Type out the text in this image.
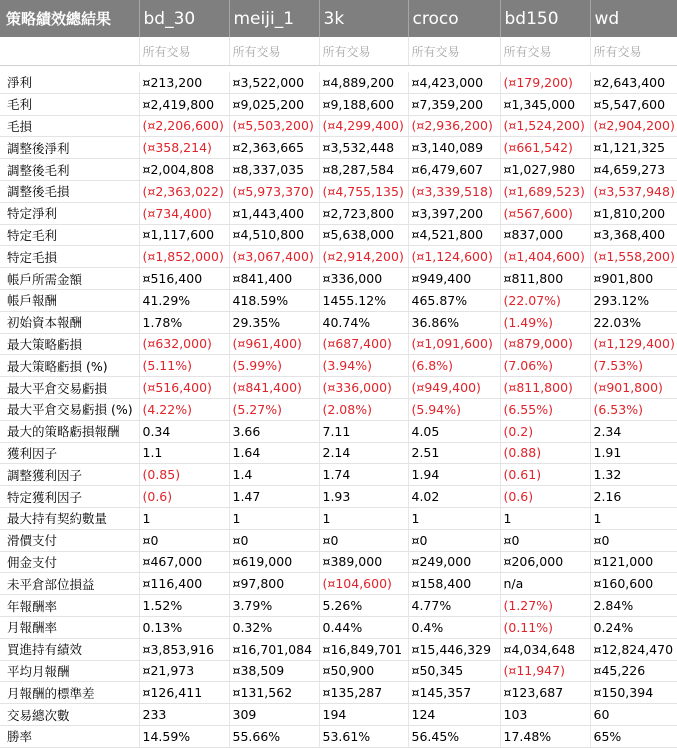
策略績效總結果	bd_30	meiji_1	3k	croco	bd150	wd
	所有交易	所有交易	所有交易	所有交易	所有交易	所有交易

淨利	¤213,200	¤3,522,000	¤4,889,200	¤4,423,000	(¤179,200)	¤2,643,400
毛利	¤2,419,800	¤9,025,200	¤9,188,600	¤7,359,200	¤1,345,000	¤5,547,600
毛損	(¤2,206,600)	(¤5,503,200)	(¤4,299,400)	(¤2,936,200)	(¤1,524,200)	(¤2,904,200)
調整後淨利	(¤358,214)	¤2,363,665	¤3,532,448	¤3,140,089	(¤661,542)	¤1,121,325
調整後毛利	¤2,004,808	¤8,337,035	¤8,287,584	¤6,479,607	¤1,027,980	¤4,659,273
調整後毛損	(¤2,363,022)	(¤5,973,370)	(¤4,755,135)	(¤3,339,518)	(¤1,689,523)	(¤3,537,948)
特定淨利	(¤734,400)	¤1,443,400	¤2,723,800	¤3,397,200	(¤567,600)	¤1,810,200
特定毛利	¤1,117,600	¤4,510,800	¤5,638,000	¤4,521,800	¤837,000	¤3,368,400
特定毛損	(¤1,852,000)	(¤3,067,400)	(¤2,914,200)	(¤1,124,600)	(¤1,404,600)	(¤1,558,200)
帳戶所需金額	¤516,400	¤841,400	¤336,000	¤949,400	¤811,800	¤901,800
帳戶報酬	41.29%	418.59%	1455.12%	465.87%	(22.07%)	293.12%
初始資本報酬	1.78%	29.35%	40.74%	36.86%	(1.49%)	22.03%
最大策略虧損	(¤632,000)	(¤961,400)	(¤687,400)	(¤1,091,600)	(¤879,000)	(¤1,129,400)
最大策略虧損 (%)	(5.11%)	(5.99%)	(3.94%)	(6.8%)	(7.06%)	(7.53%)
最大平倉交易虧損	(¤516,400)	(¤841,400)	(¤336,000)	(¤949,400)	(¤811,800)	(¤901,800)
最大平倉交易虧損 (%)	(4.22%)	(5.27%)	(2.08%)	(5.94%)	(6.55%)	(6.53%)
最大的策略虧損報酬	0.34	3.66	7.11	4.05	(0.2)	2.34
獲利因子	1.1	1.64	2.14	2.51	(0.88)	1.91
調整獲利因子	(0.85)	1.4	1.74	1.94	(0.61)	1.32
特定獲利因子	(0.6)	1.47	1.93	4.02	(0.6)	2.16
最大持有契約數量	1	1	1	1	1	1
滑價支付	¤0	¤0	¤0	¤0	¤0	¤0
佣金支付	¤467,000	¤619,000	¤389,000	¤249,000	¤206,000	¤121,000
未平倉部位損益	¤116,400	¤97,800	(¤104,600)	¤158,400	n/a	¤160,600
年報酬率	1.52%	3.79%	5.26%	4.77%	(1.27%)	2.84%
月報酬率	0.13%	0.32%	0.44%	0.4%	(0.11%)	0.24%
買進持有績效	¤3,853,916	¤16,701,084	¤16,849,701	¤15,446,329	¤4,034,648	¤12,824,470
平均月報酬	¤21,973	¤38,509	¤50,900	¤50,345	(¤11,947)	¤45,226
月報酬的標準差	¤126,411	¤131,562	¤135,287	¤145,357	¤123,687	¤150,394
交易總次數	233	309	194	124	103	60
勝率	14.59%	55.66%	53.61%	56.45%	17.48%	65%
